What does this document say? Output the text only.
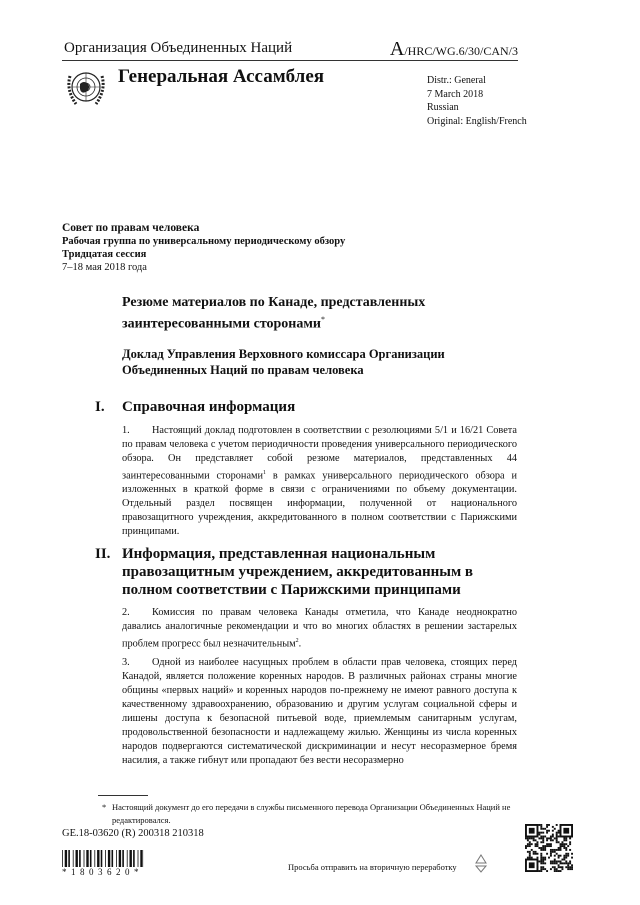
Организация Объединенных Наций	A/HRC/WG.6/30/CAN/3
Генеральная Ассамблея	Distr.: General
7 March 2018
Russian
Original: English/French
Совет по правам человека
Рабочая группа по универсальному периодическому обзору
Тридцатая сессия
7–18 мая 2018 года
Резюме материалов по Канаде, представленных заинтересованными сторонами*
Доклад Управления Верховного комиссара Организации Объединенных Наций по правам человека
I. Справочная информация
1. Настоящий доклад подготовлен в соответствии с резолюциями 5/1 и 16/21 Совета по правам человека с учетом периодичности проведения универсального периодического обзора. Он представляет собой резюме материалов, представленных 44 заинтересованными сторонами$^1$ в рамках универсального периодического обзора и изложенных в краткой форме в связи с ограничениями по объему документации. Отдельный раздел посвящен информации, полученной от национального правозащитного учреждения, аккредитованного в полном соответствии с Парижскими принципами.
II. Информация, представленная национальным правозащитным учреждением, аккредитованным в полном соответствии с Парижскими принципами
2. Комиссия по правам человека Канады отметила, что Канаде неоднократно давались аналогичные рекомендации и что во многих областях в решении застарелых проблем прогресс был незначительным$^2$.
3. Одной из наиболее насущных проблем в области прав человека, стоящих перед Канадой, является положение коренных народов. В различных районах страны многие общины «первых наций» и коренных народов по-прежнему не имеют равного доступа к качественному здравоохранению, образованию и другим услугам социальной сферы и лишены доступа к безопасной питьевой воде, приемлемым санитарным услугам, продовольственной безопасности и надлежащему жилью. Женщины из числа коренных народов подвергаются систематической дискриминации и несут несоразмерное бремя насилия, а также гибнут или пропадают без вести несоразмерно
* Настоящий документ до его передачи в службы письменного перевода Организации Объединенных Наций не редактировался.
GE.18-03620 (R) 200318 210318
*1803620*	Просьба отправить на вторичную переработку
